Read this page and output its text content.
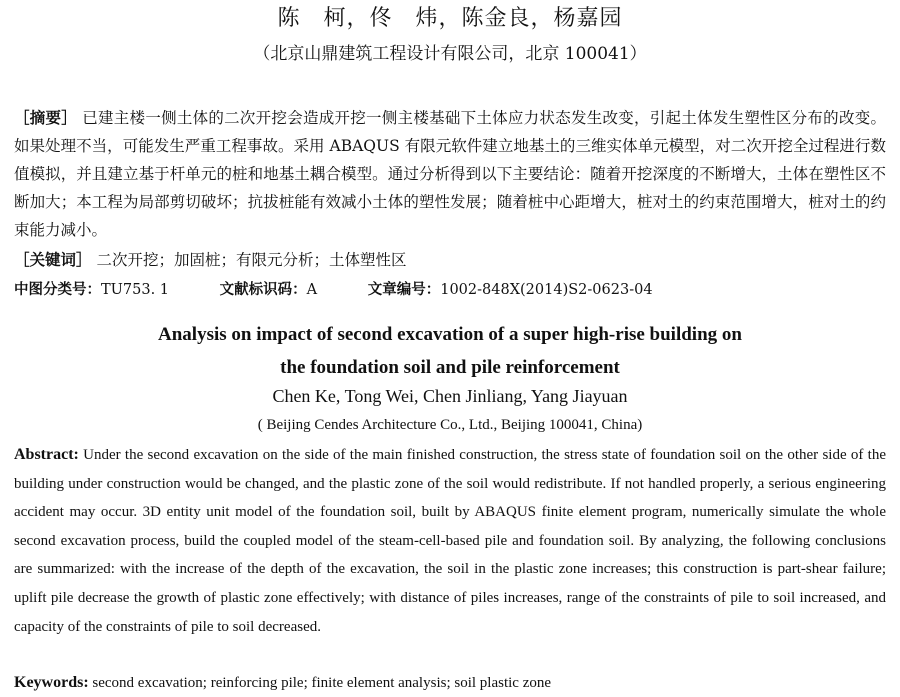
陈　柯，佟　炜，陈金良，杨嘉园
（北京山鼎建筑工程设计有限公司，北京 100041）
［摘要］ 已建主楼一侧土体的二次开挖会造成开挖一侧主楼基础下土体应力状态发生改变，引起土体发生塑性区分布的改变。如果处理不当，可能发生严重工程事故。采用 ABAQUS 有限元软件建立地基土的三维实体单元模型，对二次开挖全过程进行数值模拟，并且建立基于杆单元的桩和地基土耦合模型。通过分析得到以下主要结论：随着开挖深度的不断增大，土体在塑性区不断加大；本工程为局部剪切破坏；抗拔桩能有效减小土体的塑性发展；随着桩中心距增大，桩对土的约束范围增大，桩对土的约束能力减小。
［关键词］ 二次开挖；加固桩；有限元分析；土体塑性区
中图分类号：TU753. 1	文献标识码：A	文章编号：1002-848X(2014)S2-0623-04
Analysis on impact of second excavation of a super high-rise building on
the foundation soil and pile reinforcement
Chen Ke, Tong Wei, Chen Jinliang, Yang Jiayuan
( Beijing Cendes Architecture Co., Ltd., Beijing 100041, China)
Abstract: Under the second excavation on the side of the main finished construction, the stress state of foundation soil on the other side of the building under construction would be changed, and the plastic zone of the soil would redistribute. If not handled properly, a serious engineering accident may occur. 3D entity unit model of the foundation soil, built by ABAQUS finite element program, numerically simulate the whole second excavation process, build the coupled model of the steam-cell-based pile and foundation soil. By analyzing, the following conclusions are summarized: with the increase of the depth of the excavation, the soil in the plastic zone increases; this construction is part-shear failure; uplift pile decrease the growth of plastic zone effectively; with distance of piles increases, range of the constraints of pile to soil increased, and capacity of the constraints of pile to soil decreased.
Keywords: second excavation; reinforcing pile; finite element analysis; soil plastic zone
